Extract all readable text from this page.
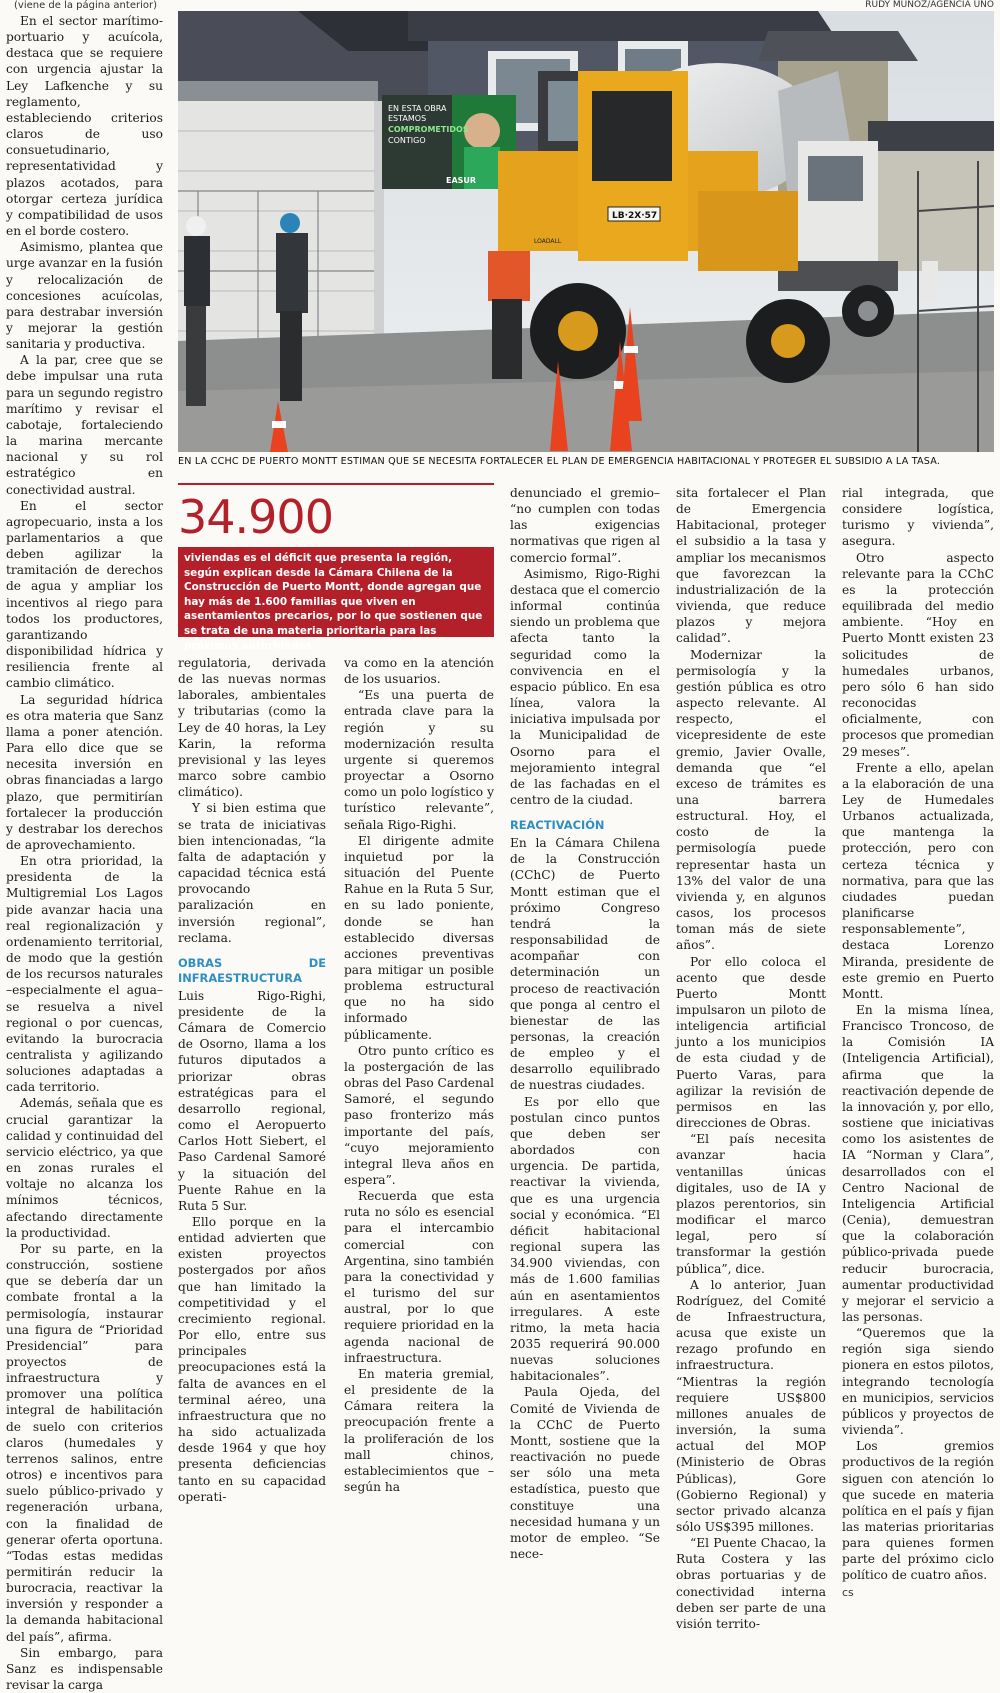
(viene de la página anterior)	RUDY MUÑOZ/AGENCIA UNO
EN ESTA OBRA
ESTAMOS
COMPROMETIDOS
CONTIGO
EASUR
LB·2X·57
LOADALL
EN LA CCHC DE PUERTO MONTT ESTIMAN QUE SE NECESITA FORTALECER EL PLAN DE EMERGENCIA HABITACIONAL Y PROTEGER EL SUBSIDIO A LA TASA.
34.900
viviendas es el déficit que presenta la región, según explican desde la Cámara Chilena de la Construcción de Puerto Montt, donde agregan que hay más de 1.600 familias que viven en asentamientos precarios, por lo que sostienen que se trata de una materia prioritaria para las próximas autoridades.

En el sector marítimo-portuario y acuícola, destaca que se requiere con urgencia ajustar la Ley Lafkenche y su reglamento, estableciendo criterios claros de uso consuetudinario, representatividad y plazos acotados, para otorgar certeza jurídica y compatibilidad de usos en el borde costero.

Asimismo, plantea que urge avanzar en la fusión y relocalización de concesiones acuícolas, para destrabar inversión y mejorar la gestión sanitaria y productiva.

A la par, cree que se debe impulsar una ruta para un segundo registro marítimo y revisar el cabotaje, fortaleciendo la marina mercante nacional y su rol estratégico en conectividad austral.

En el sector agropecuario, insta a los parlamentarios a que deben agilizar la tramitación de derechos de agua y ampliar los incentivos al riego para todos los productores, garantizando disponibilidad hídrica y resiliencia frente al cambio climático.

La seguridad hídrica es otra materia que Sanz llama a poner atención. Para ello dice que se necesita inversión en obras financiadas a largo plazo, que permitirían fortalecer la producción y destrabar los derechos de aprovechamiento.

En otra prioridad, la presidenta de la Multigremial Los Lagos pide avanzar hacia una real regionalización y ordenamiento territorial, de modo que la gestión de los recursos naturales –especialmente el agua– se resuelva a nivel regional o por cuencas, evitando la burocracia centralista y agilizando soluciones adaptadas a cada territorio.

Además, señala que es crucial garantizar la calidad y continuidad del servicio eléctrico, ya que en zonas rurales el voltaje no alcanza los mínimos técnicos, afectando directamente la productividad.

Por su parte, en la construcción, sostiene que se debería dar un combate frontal a la permisología, instaurar una figura de “Prioridad Presidencial” para proyectos de infraestructura y promover una política integral de habilitación de suelo con criterios claros (humedales y terrenos salinos, entre otros) e incentivos para suelo público-privado y regeneración urbana, con la finalidad de generar oferta oportuna. “Todas estas medidas permitirán reducir la burocracia, reactivar la inversión y responder a la demanda habitacional del país”, afirma.

Sin embargo, para Sanz es indispensable revisar la carga

regulatoria, derivada de las nuevas normas laborales, ambientales y tributarias (como la Ley de 40 horas, la Ley Karin, la reforma previsional y las leyes marco sobre cambio climático).

Y si bien estima que se trata de iniciativas bien intencionadas, “la falta de adaptación y capacidad técnica está provocando paralización en inversión regional”, reclama.

OBRAS DE INFRAESTRUCTURA

Luis Rigo-Righi, presidente de la Cámara de Comercio de Osorno, llama a los futuros diputados a priorizar obras estratégicas para el desarrollo regional, como el Aeropuerto Carlos Hott Siebert, el Paso Cardenal Samoré y la situación del Puente Rahue en la Ruta 5 Sur.

Ello porque en la entidad advierten que existen proyectos postergados por años que han limitado la competitividad y el crecimiento regional. Por ello, entre sus principales preocupaciones está la falta de avances en el terminal aéreo, una infraestructura que no ha sido actualizada desde 1964 y que hoy presenta deficiencias tanto en su capacidad operati-

va como en la atención de los usuarios.

“Es una puerta de entrada clave para la región y su modernización resulta urgente si queremos proyectar a Osorno como un polo logístico y turístico relevante”, señala Rigo-Righi.

El dirigente admite inquietud por la situación del Puente Rahue en la Ruta 5 Sur, en su lado poniente, donde se han establecido diversas acciones preventivas para mitigar un posible problema estructural que no ha sido informado públicamente.

Otro punto crítico es la postergación de las obras del Paso Cardenal Samoré, el segundo paso fronterizo más importante del país, “cuyo mejoramiento integral lleva años en espera”.

Recuerda que esta ruta no sólo es esencial para el intercambio comercial con Argentina, sino también para la conectividad y el turismo del sur austral, por lo que requiere prioridad en la agenda nacional de infraestructura.

En materia gremial, el presidente de la Cámara reitera la preocupación frente a la proliferación de los mall chinos, establecimientos que –según ha

denunciado el gremio– “no cumplen con todas las exigencias normativas que rigen al comercio formal”.

Asimismo, Rigo-Righi destaca que el comercio informal continúa siendo un problema que afecta tanto la seguridad como la convivencia en el espacio público. En esa línea, valora la iniciativa impulsada por la Municipalidad de Osorno para el mejoramiento integral de las fachadas en el centro de la ciudad.

REACTIVACIÓN

En la Cámara Chilena de la Construcción (CChC) de Puerto Montt estiman que el próximo Congreso tendrá la responsabilidad de acompañar con determinación un proceso de reactivación que ponga al centro el bienestar de las personas, la creación de empleo y el desarrollo equilibrado de nuestras ciudades.

Es por ello que postulan cinco puntos que deben ser abordados con urgencia. De partida, reactivar la vivienda, que es una urgencia social y económica. “El déficit habitacional regional supera las 34.900 viviendas, con más de 1.600 familias aún en asentamientos irregulares. A este ritmo, la meta hacia 2035 requerirá 90.000 nuevas soluciones habitacionales”.

Paula Ojeda, del Comité de Vivienda de la CChC de Puerto Montt, sostiene que la reactivación no puede ser sólo una meta estadística, puesto que constituye una necesidad humana y un motor de empleo. “Se nece-

sita fortalecer el Plan de Emergencia Habitacional, proteger el subsidio a la tasa y ampliar los mecanismos que favorezcan la industrialización de la vivienda, que reduce plazos y mejora calidad”.

Modernizar la permisología y la gestión pública es otro aspecto relevante. Al respecto, el vicepresidente de este gremio, Javier Ovalle, demanda que “el exceso de trámites es una barrera estructural. Hoy, el costo de la permisología puede representar hasta un 13% del valor de una vivienda y, en algunos casos, los procesos toman más de siete años”.

Por ello coloca el acento que desde Puerto Montt impulsaron un piloto de inteligencia artificial junto a los municipios de esta ciudad y de Puerto Varas, para agilizar la revisión de permisos en las direcciones de Obras.

“El país necesita avanzar hacia ventanillas únicas digitales, uso de IA y plazos perentorios, sin modificar el marco legal, pero sí transformar la gestión pública”, dice.

A lo anterior, Juan Rodríguez, del Comité de Infraestructura, acusa que existe un rezago profundo en infraestructura. “Mientras la región requiere US$800 millones anuales de inversión, la suma actual del MOP (Ministerio de Obras Públicas), Gore (Gobierno Regional) y sector privado alcanza sólo US$395 millones.

“El Puente Chacao, la Ruta Costera y las obras portuarias y de conectividad interna deben ser parte de una visión territo-

rial integrada, que considere logística, turismo y vivienda”, asegura.

Otro aspecto relevante para la CChC es la protección equilibrada del medio ambiente. “Hoy en Puerto Montt existen 23 solicitudes de humedales urbanos, pero sólo 6 han sido reconocidas oficialmente, con procesos que promedian 29 meses”.

Frente a ello, apelan a la elaboración de una Ley de Humedales Urbanos actualizada, que mantenga la protección, pero con certeza técnica y normativa, para que las ciudades puedan planificarse responsablemente”, destaca Lorenzo Miranda, presidente de este gremio en Puerto Montt.

En la misma línea, Francisco Troncoso, de la Comisión IA (Inteligencia Artificial), afirma que la reactivación depende de la innovación y, por ello, sostiene que iniciativas como los asistentes de IA “Norman y Clara”, desarrollados con el Centro Nacional de Inteligencia Artificial (Cenia), demuestran que la colaboración público-privada puede reducir burocracia, aumentar productividad y mejorar el servicio a las personas.

“Queremos que la región siga siendo pionera en estos pilotos, integrando tecnología en municipios, servicios públicos y proyectos de vivienda”.

Los gremios productivos de la región siguen con atención lo que sucede en materia política en el país y fijan las materias prioritarias para quienes formen parte del próximo ciclo político de cuatro años.

cs
